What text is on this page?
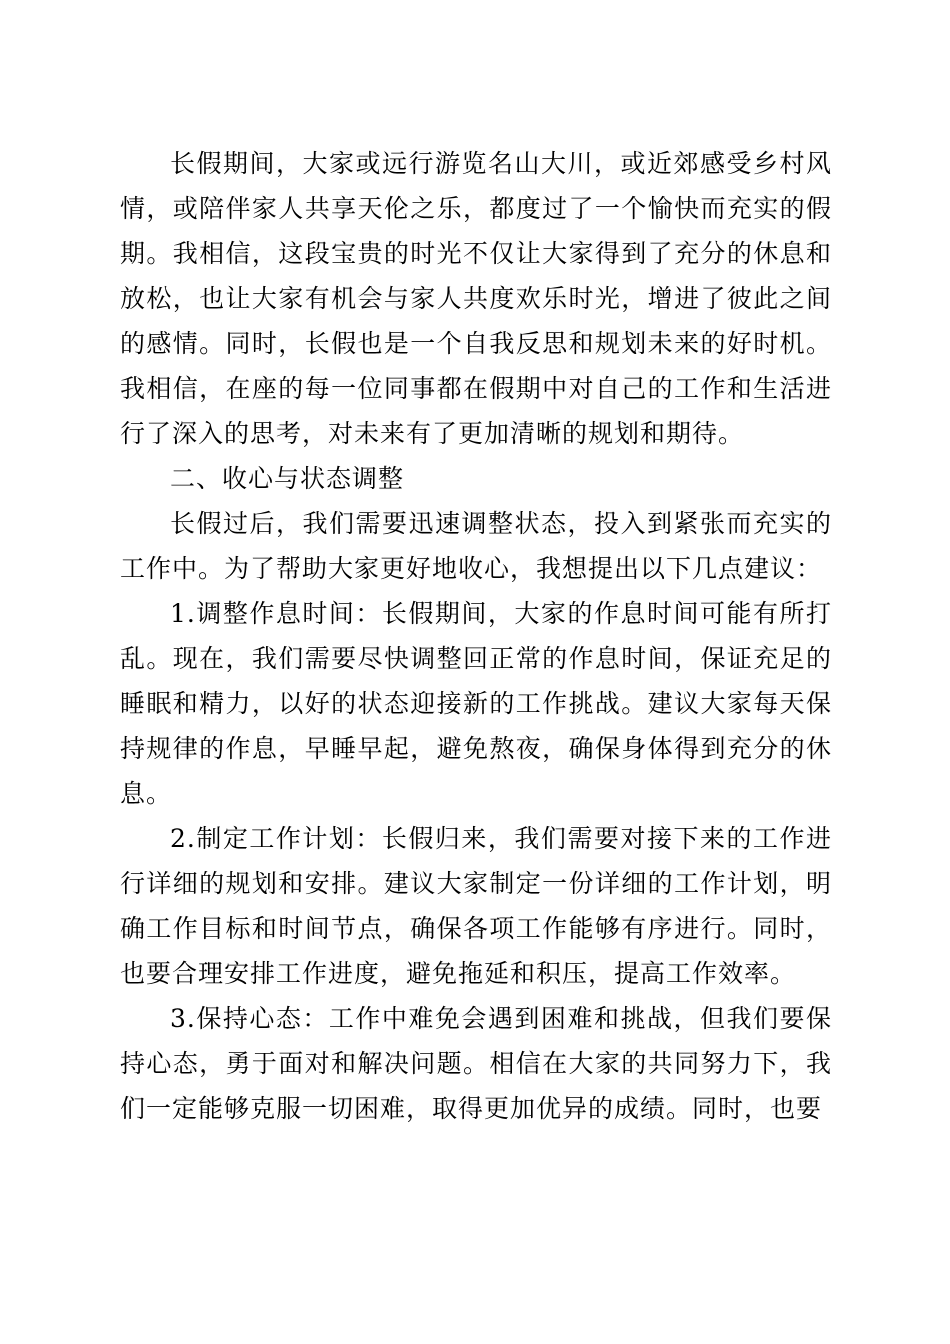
长假期间，大家或远行游览名山大川，或近郊感受乡村风情，或陪伴家人共享天伦之乐，都度过了一个愉快而充实的假期。我相信，这段宝贵的时光不仅让大家得到了充分的休息和放松，也让大家有机会与家人共度欢乐时光，增进了彼此之间的感情。同时，长假也是一个自我反思和规划未来的好时机。我相信，在座的每一位同事都在假期中对自己的工作和生活进行了深入的思考，对未来有了更加清晰的规划和期待。

二、收心与状态调整

长假过后，我们需要迅速调整状态，投入到紧张而充实的工作中。为了帮助大家更好地收心，我想提出以下几点建议：

1.调整作息时间：长假期间，大家的作息时间可能有所打乱。现在，我们需要尽快调整回正常的作息时间，保证充足的睡眠和精力，以好的状态迎接新的工作挑战。建议大家每天保持规律的作息，早睡早起，避免熬夜，确保身体得到充分的休息。

2.制定工作计划：长假归来，我们需要对接下来的工作进行详细的规划和安排。建议大家制定一份详细的工作计划，明确工作目标和时间节点，确保各项工作能够有序进行。同时，也要合理安排工作进度，避免拖延和积压，提高工作效率。

3.保持心态：工作中难免会遇到困难和挑战，但我们要保持心态，勇于面对和解决问题。相信在大家的共同努力下，我们一定能够克服一切困难，取得更加优异的成绩。同时，也要
